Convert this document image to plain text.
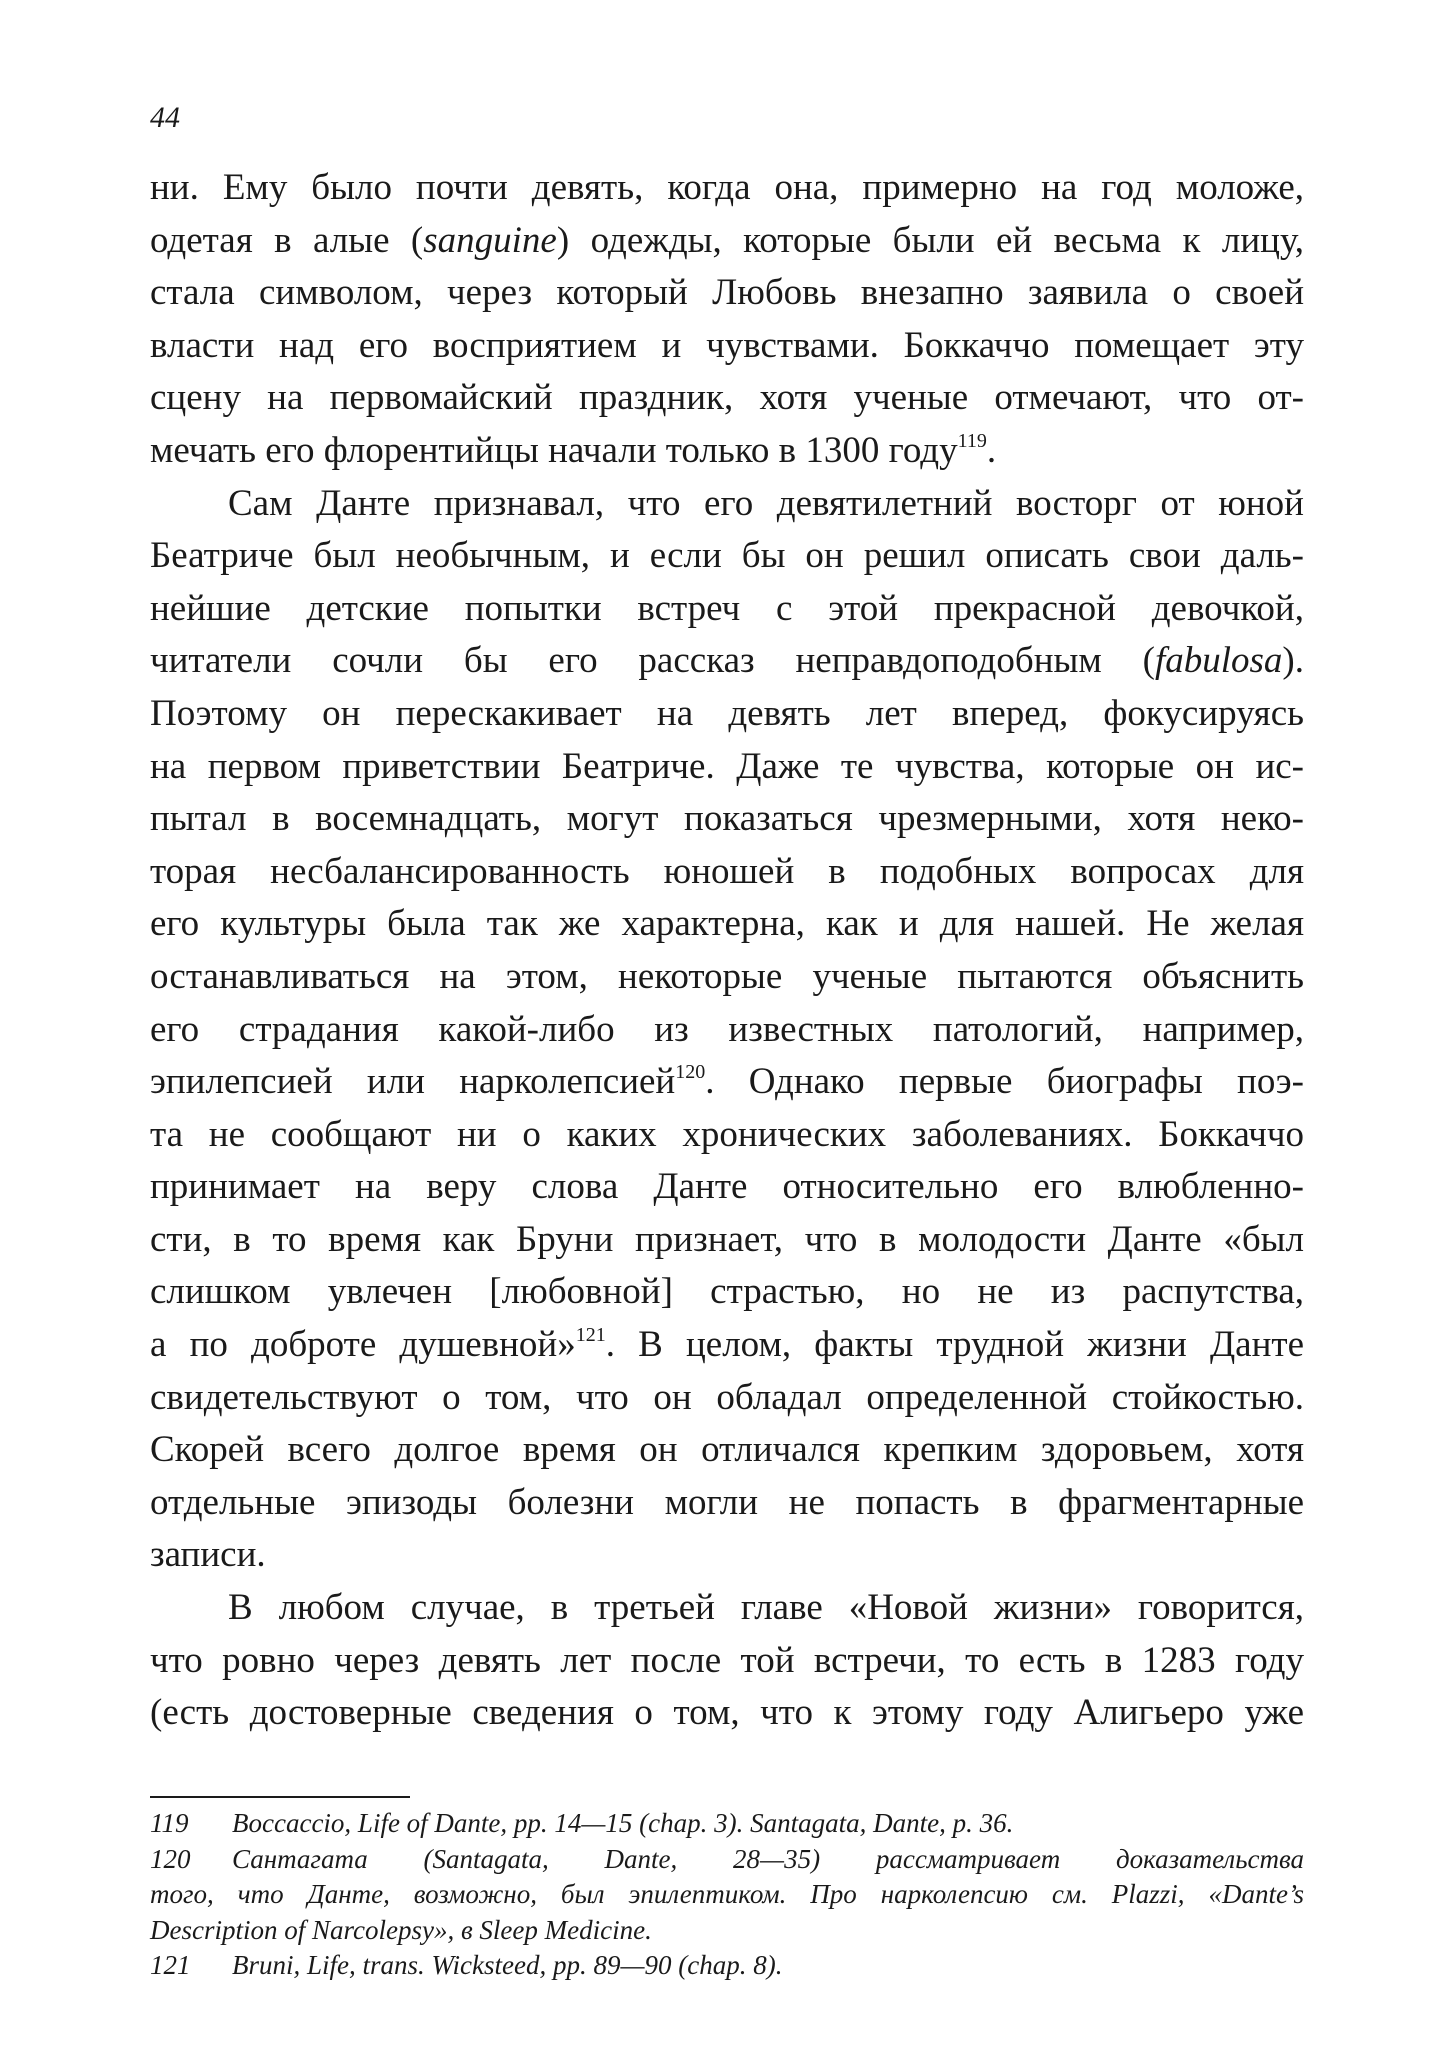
44
ни. Ему было почти девять, когда она, примерно на год моложе,
одетая в алые (sanguine) одежды, которые были ей весьма к лицу,
стала символом, через который Любовь внезапно заявила о своей
власти над его восприятием и чувствами. Боккаччо помещает эту
сцену на первомайский праздник, хотя ученые отмечают, что от-
мечать его флорентийцы начали только в 1300 году$^{119}$.
Сам Данте признавал, что его девятилетний восторг от юной
Беатриче был необычным, и если бы он решил описать свои даль-
нейшие детские попытки встреч с этой прекрасной девочкой,
читатели сочли бы его рассказ неправдоподобным (fabulosa).
Поэтому он перескакивает на девять лет вперед, фокусируясь
на первом приветствии Беатриче. Даже те чувства, которые он ис-
пытал в восемнадцать, могут показаться чрезмерными, хотя неко-
торая несбалансированность юношей в подобных вопросах для
его культуры была так же характерна, как и для нашей. Не желая
останавливаться на этом, некоторые ученые пытаются объяснить
его страдания какой-либо из известных патологий, например,
эпилепсией или нарколепсией$^{120}$. Однако первые биографы поэ-
та не сообщают ни о каких хронических заболеваниях. Боккаччо
принимает на веру слова Данте относительно его влюбленно-
сти, в то время как Бруни признает, что в молодости Данте «был
слишком увлечен [любовной] страстью, но не из распутства,
а по доброте душевной»$^{121}$. В целом, факты трудной жизни Данте
свидетельствуют о том, что он обладал определенной стойкостью.
Скорей всего долгое время он отличался крепким здоровьем, хотя
отдельные эпизоды болезни могли не попасть в фрагментарные
записи.
В любом случае, в третьей главе «Новой жизни» говорится,
что ровно через девять лет после той встречи, то есть в 1283 году
(есть достоверные сведения о том, что к этому году Алигьеро уже
119	Boccaccio, Life of Dante, pp. 14—15 (chap. 3). Santagata, Dante, p. 36.
120	Сантагата (Santagata, Dante, 28—35) рассматривает доказательства
того, что Данте, возможно, был эпилептиком. Про нарколепсию см. Plazzi, «Dante’s
Description of Narcolepsy», в Sleep Medicine.
121	Bruni, Life, trans. Wicksteed, pp. 89—90 (chap. 8).
